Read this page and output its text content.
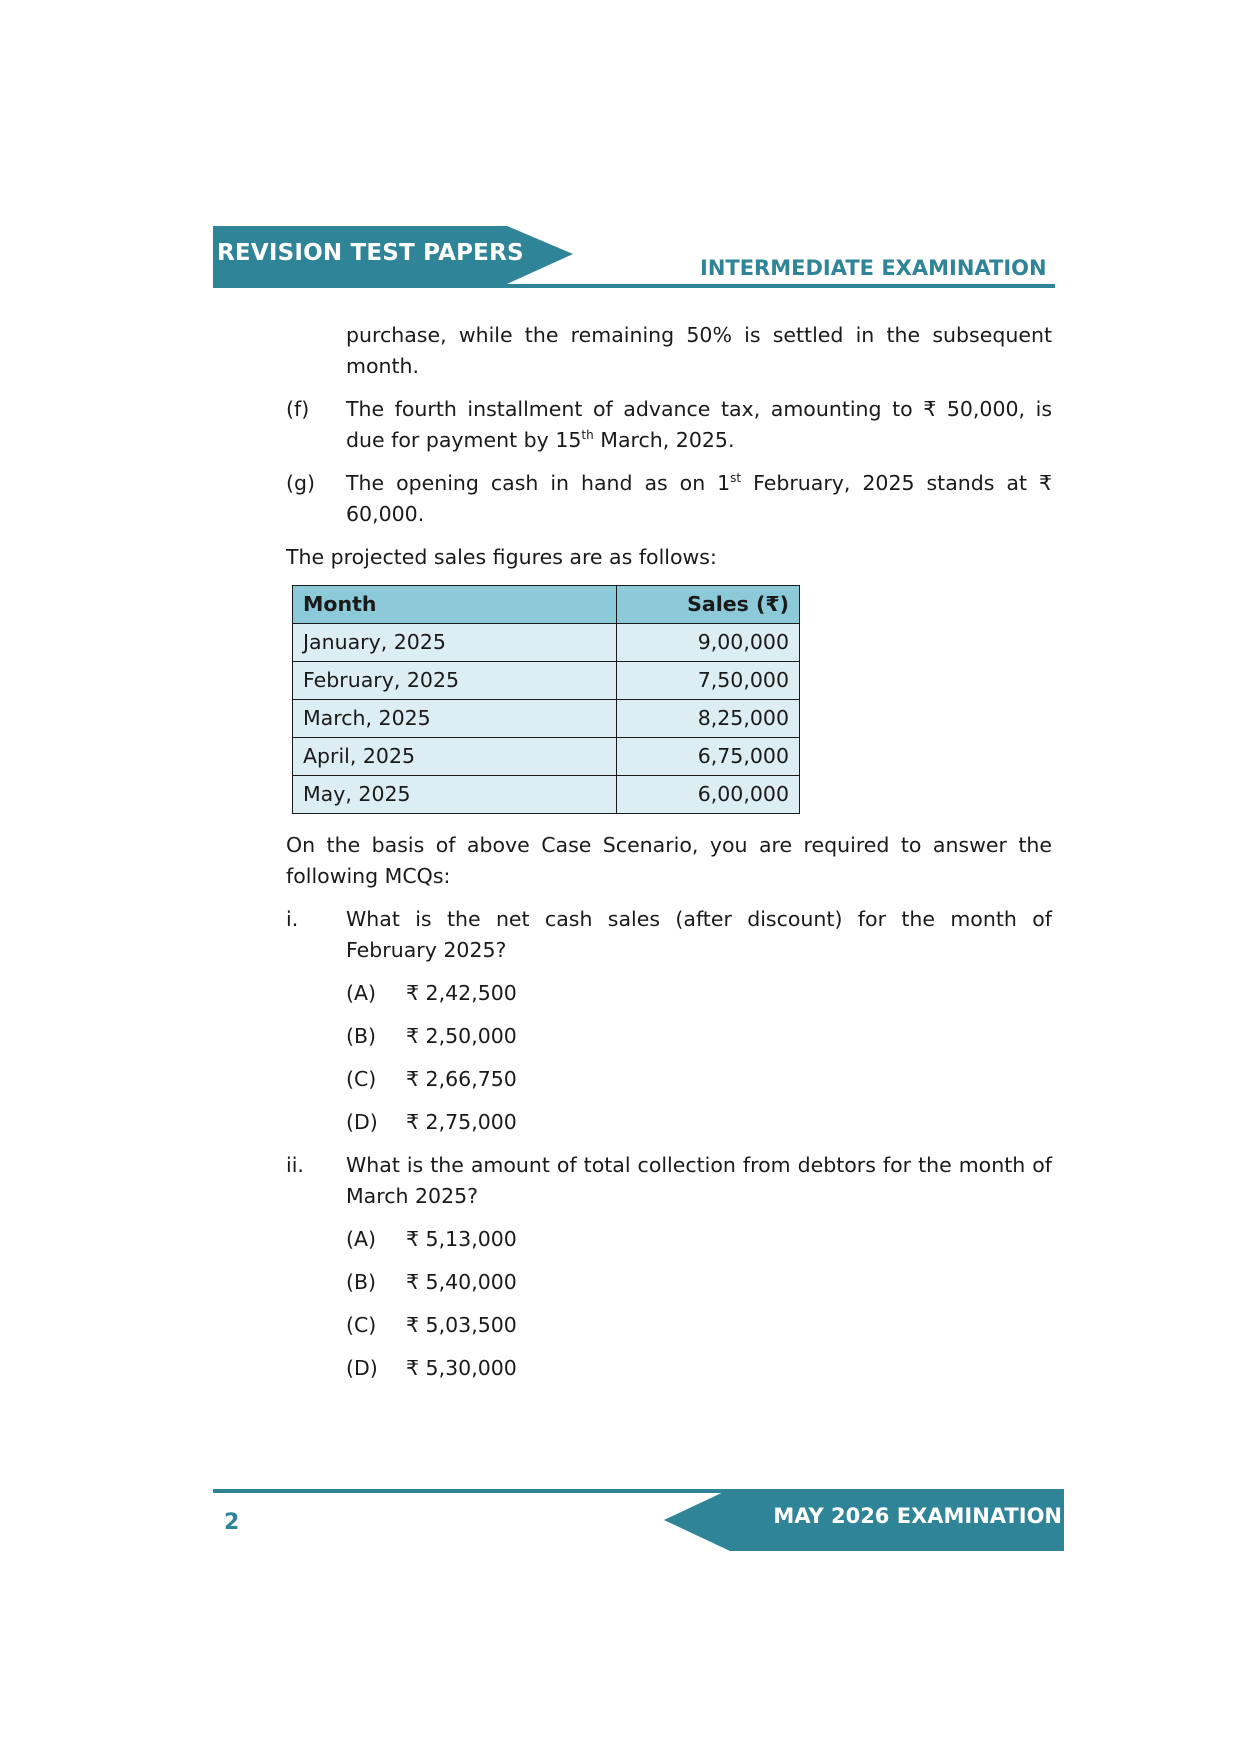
REVISION TEST PAPERS
INTERMEDIATE EXAMINATION
purchase, while the remaining 50% is settled in the subsequent month.
(f)	The fourth installment of advance tax, amounting to ₹ 50,000, is due for payment by 15th March, 2025.
(g)	The opening cash in hand as on 1st February, 2025 stands at ₹ 60,000.

The projected sales figures are as follows:

Month	Sales (₹)
January, 2025	9,00,000
February, 2025	7,50,000
March, 2025	8,25,000
April, 2025	6,75,000
May, 2025	6,00,000

On the basis of above Case Scenario, you are required to answer the following MCQs:

i.	What is the net cash sales (after discount) for the month of February 2025?
(A)	₹ 2,42,500
(B)	₹ 2,50,000
(C)	₹ 2,66,750
(D)	₹ 2,75,000
ii.	What is the amount of total collection from debtors for the month of March 2025?
(A)	₹ 5,13,000
(B)	₹ 5,40,000
(C)	₹ 5,03,500
(D)	₹ 5,30,000
2	MAY 2026 EXAMINATION
